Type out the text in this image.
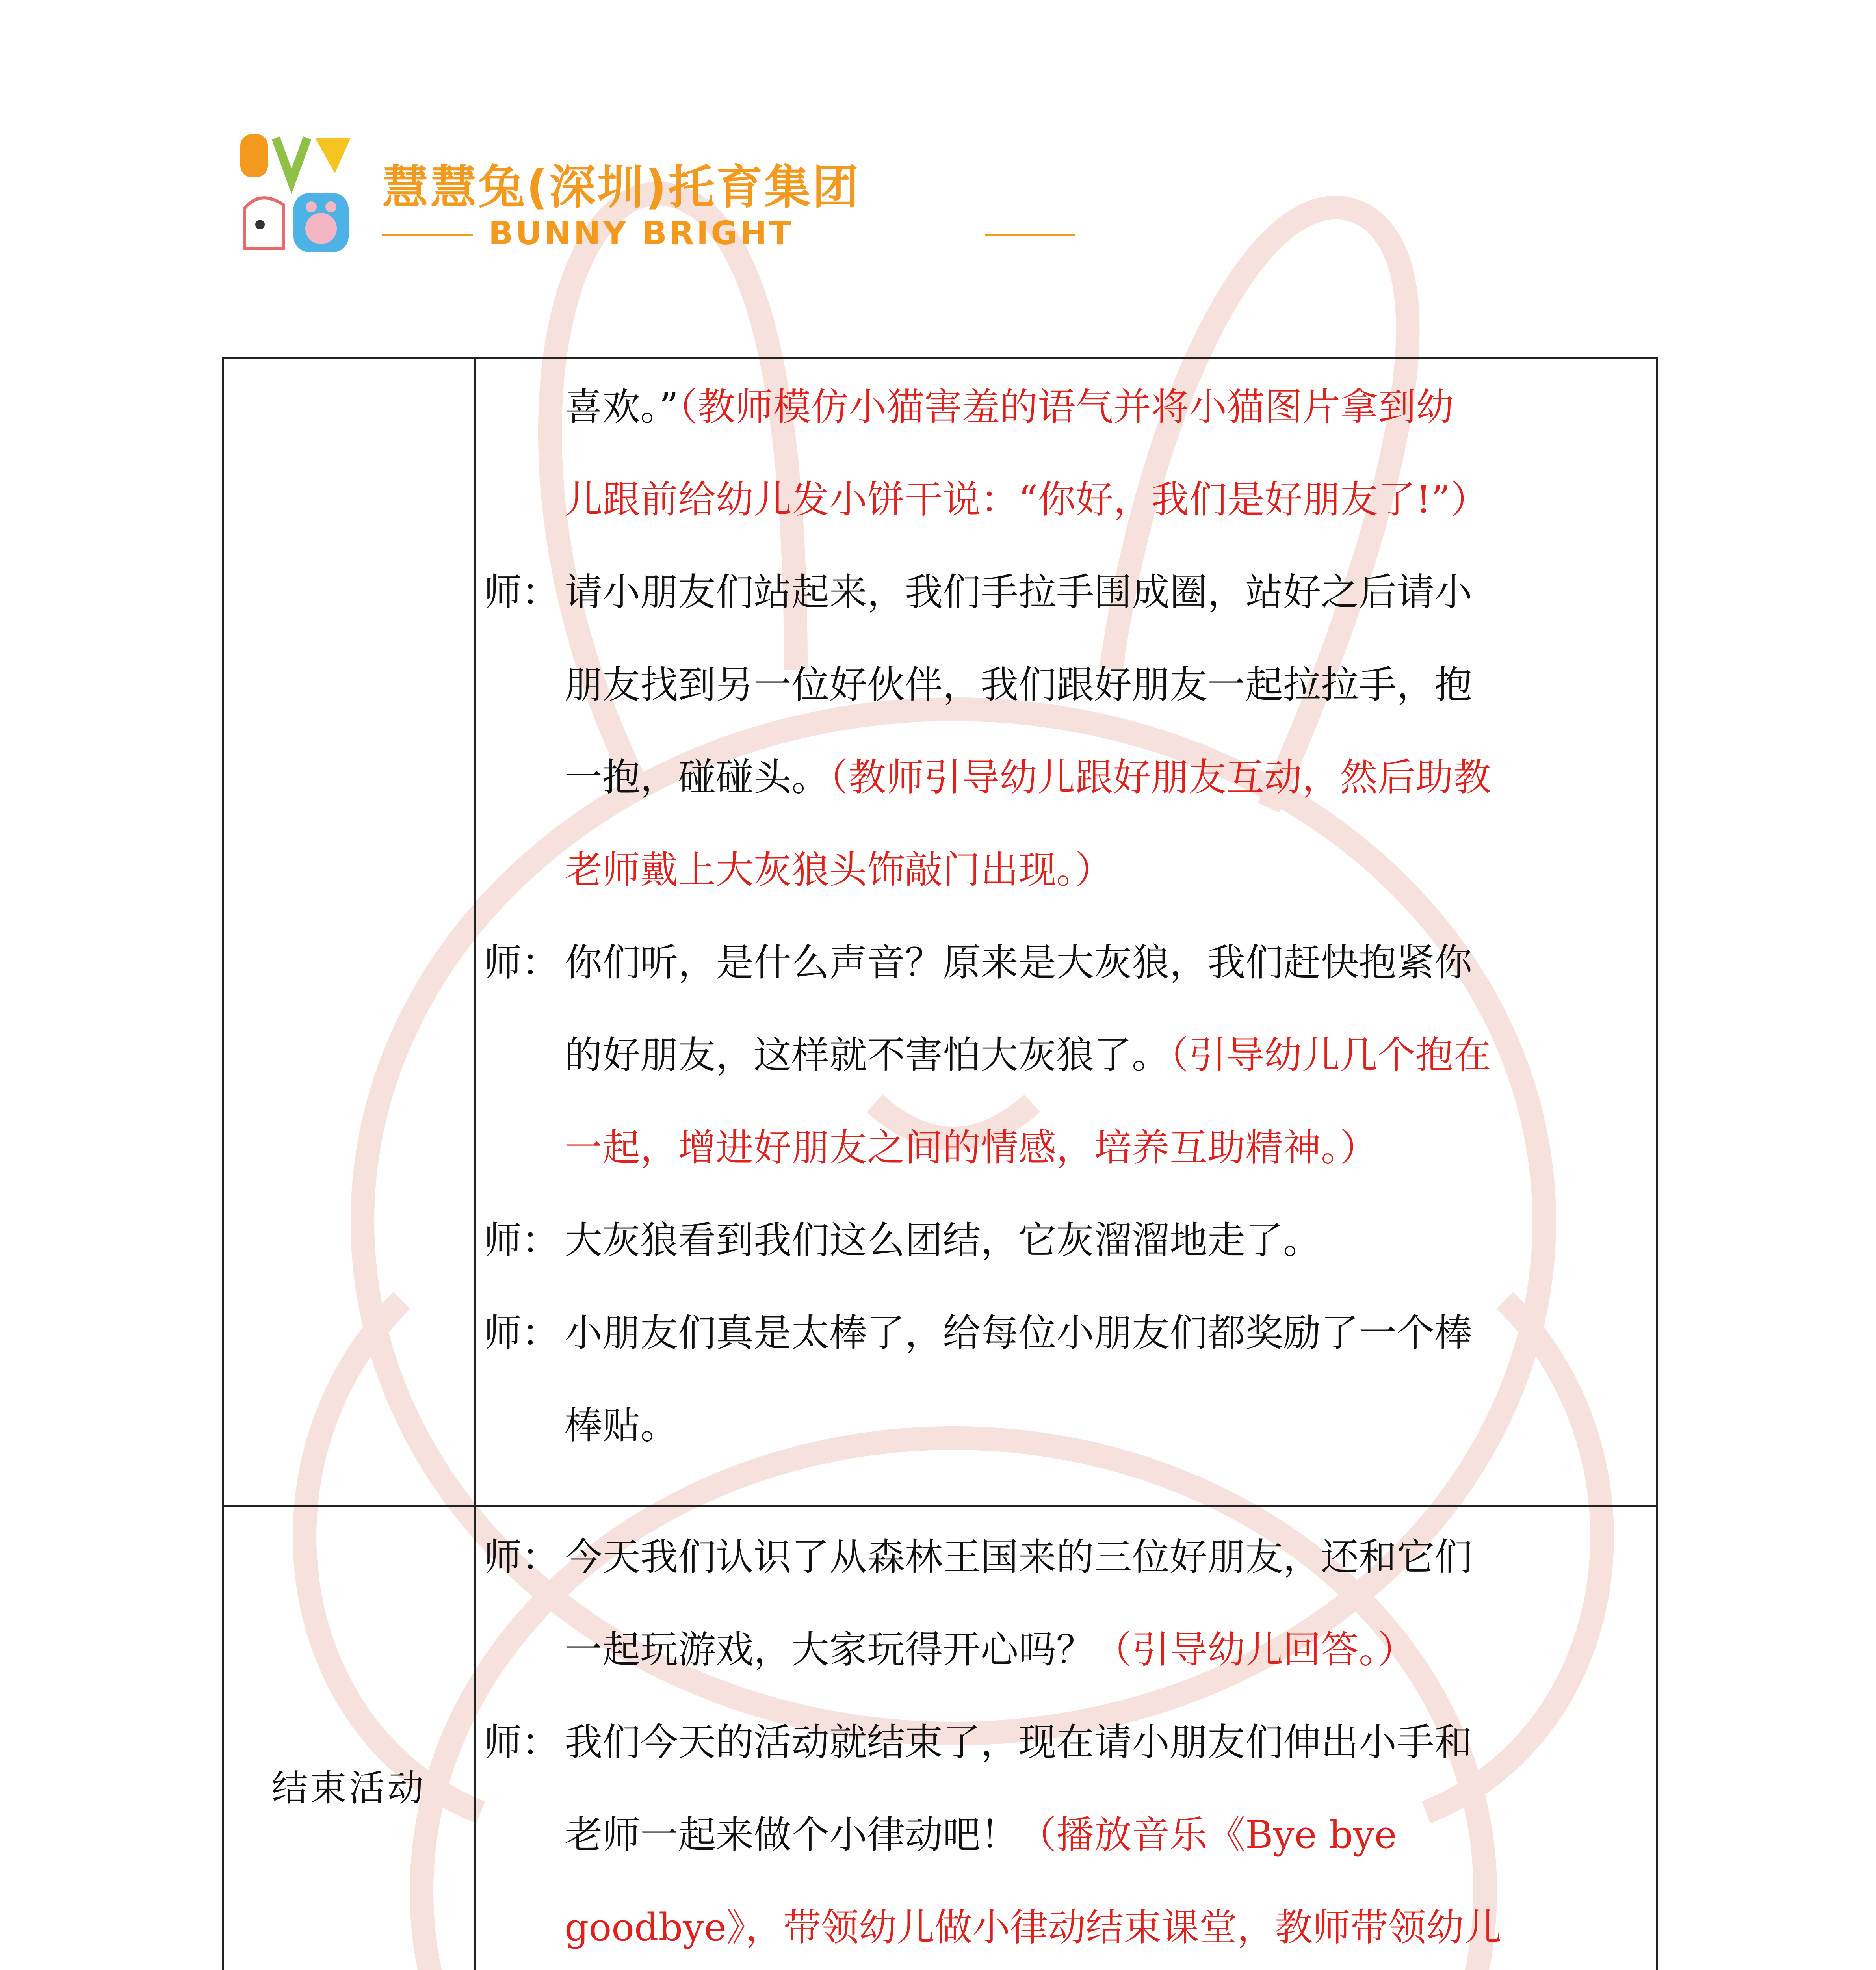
慧慧兔(深圳)托育集团
BUNNY BRIGHT
喜欢。”（教师模仿小猫害羞的语气并将小猫图片拿到幼
儿跟前给幼儿发小饼干说：“你好，我们是好朋友了!”）
师： 请小朋友们站起来，我们手拉手围成圈，站好之后请小
朋友找到另一位好伙伴，我们跟好朋友一起拉拉手，抱
一抱，碰碰头。（教师引导幼儿跟好朋友互动，然后助教
老师戴上大灰狼头饰敲门出现。）
师： 你们听，是什么声音？原来是大灰狼，我们赶快抱紧你
的好朋友，这样就不害怕大灰狼了。（引导幼儿几个抱在
一起，增进好朋友之间的情感，培养互助精神。）
师： 大灰狼看到我们这么团结，它灰溜溜地走了。
师： 小朋友们真是太棒了，给每位小朋友们都奖励了一个棒
棒贴。
结束活动
师： 今天我们认识了从森林王国来的三位好朋友，还和它们
一起玩游戏，大家玩得开心吗？（引导幼儿回答。）
师： 我们今天的活动就结束了，现在请小朋友们伸出小手和
老师一起来做个小律动吧！（播放音乐《Bye bye
goodbye》，带领幼儿做小律动结束课堂，教师带领幼儿
